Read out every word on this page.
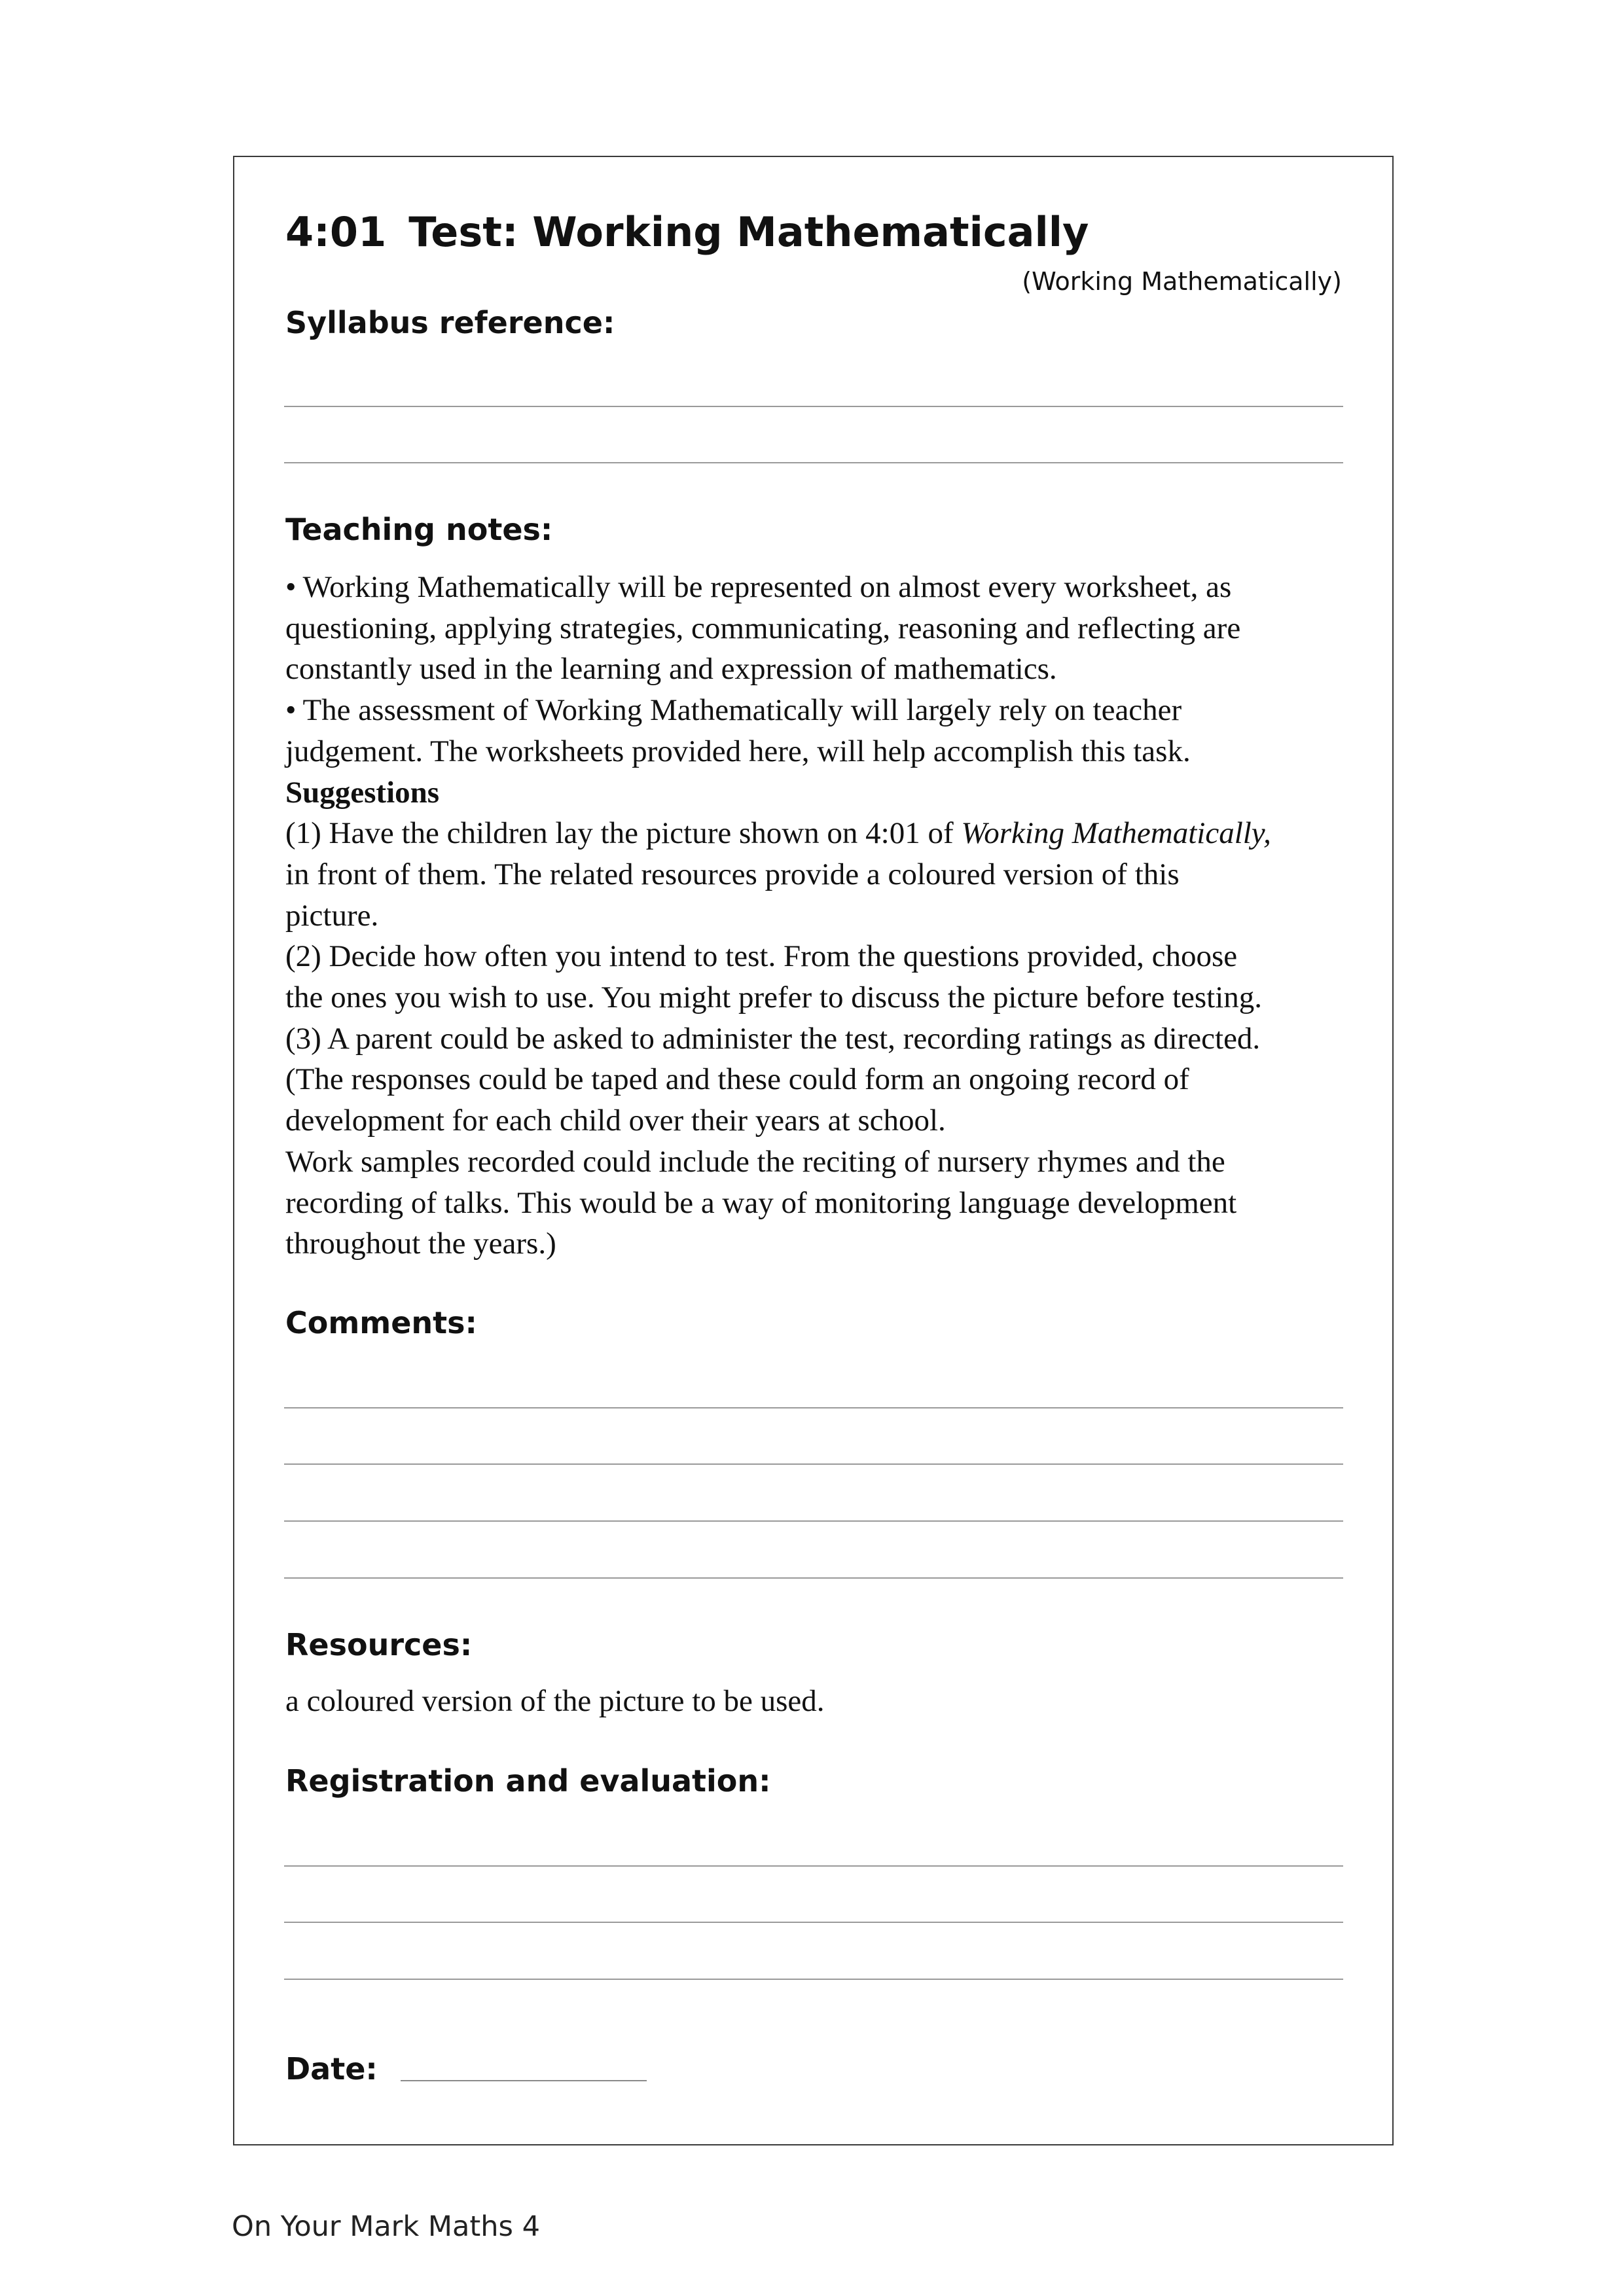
4:01 Test: Working Mathematically
(Working Mathematically)
Syllabus reference:
Teaching notes:

• Working Mathematically will be represented on almost every worksheet, as

questioning, applying strategies, communicating, reasoning and reflecting are

constantly used in the learning and expression of mathematics.

• The assessment of Working Mathematically will largely rely on teacher

judgement. The worksheets provided here, will help accomplish this task.

Suggestions

(1) Have the children lay the picture shown on 4:01 of Working Mathematically,

in front of them. The related resources provide a coloured version of this

picture.

(2) Decide how often you intend to test. From the questions provided, choose

the ones you wish to use. You might prefer to discuss the picture before testing.

(3) A parent could be asked to administer the test, recording ratings as directed.

(The responses could be taped and these could form an ongoing record of

development for each child over their years at school.

Work samples recorded could include the reciting of nursery rhymes and the

recording of talks. This would be a way of monitoring language development

throughout the years.)

Comments:
Resources:

a coloured version of the picture to be used.

Registration and evaluation:
Date:
On Your Mark Maths 4
